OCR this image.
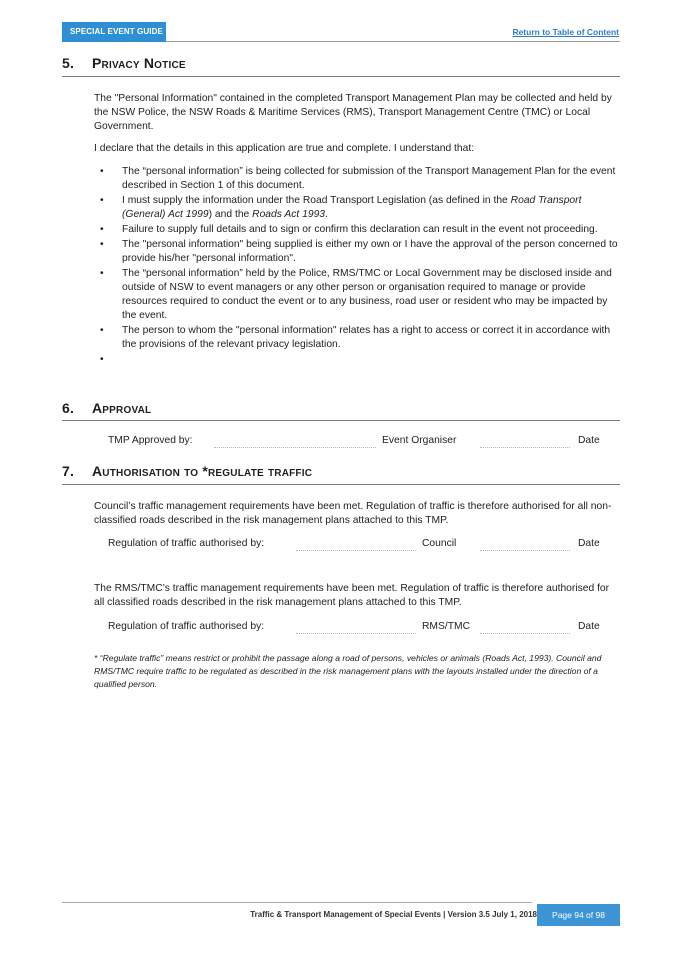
SPECIAL EVENT GUIDE	Return to Table of Content
5. Privacy Notice
The "Personal Information" contained in the completed Transport Management Plan may be collected and held by the NSW Police, the NSW Roads & Maritime Services (RMS), Transport Management Centre (TMC) or Local Government.
I declare that the details in this application are true and complete. I understand that:
• The “personal information” is being collected for submission of the Transport Management Plan for the event described in Section 1 of this document.
• I must supply the information under the Road Transport Legislation (as defined in the Road Transport (General) Act 1999) and the Roads Act 1993.
• Failure to supply full details and to sign or confirm this declaration can result in the event not proceeding.
• The "personal information" being supplied is either my own or I have the approval of the person concerned to provide his/her "personal information".
• The “personal information” held by the Police, RMS/TMC or Local Government may be disclosed inside and outside of NSW to event managers or any other person or organisation required to manage or provide resources required to conduct the event or to any business, road user or resident who may be impacted by the event.
• The person to whom the "personal information" relates has a right to access or correct it in accordance with the provisions of the relevant privacy legislation.
•
6. Approval
TMP Approved by:	Event Organiser	Date
7. Authorisation to *regulate traffic
Council’s traffic management requirements have been met. Regulation of traffic is therefore authorised for all non-classified roads described in the risk management plans attached to this TMP.
Regulation of traffic authorised by:	Council	Date
The RMS/TMC’s traffic management requirements have been met. Regulation of traffic is therefore authorised for all classified roads described in the risk management plans attached to this TMP.
Regulation of traffic authorised by:	RMS/TMC	Date
* “Regulate traffic” means restrict or prohibit the passage along a road of persons, vehicles or animals (Roads Act, 1993). Council and RMS/TMC require traffic to be regulated as described in the risk management plans with the layouts installed under the direction of a qualified person.
Traffic & Transport Management of Special Events | Version 3.5 July 1, 2018	Page 94 of 98
